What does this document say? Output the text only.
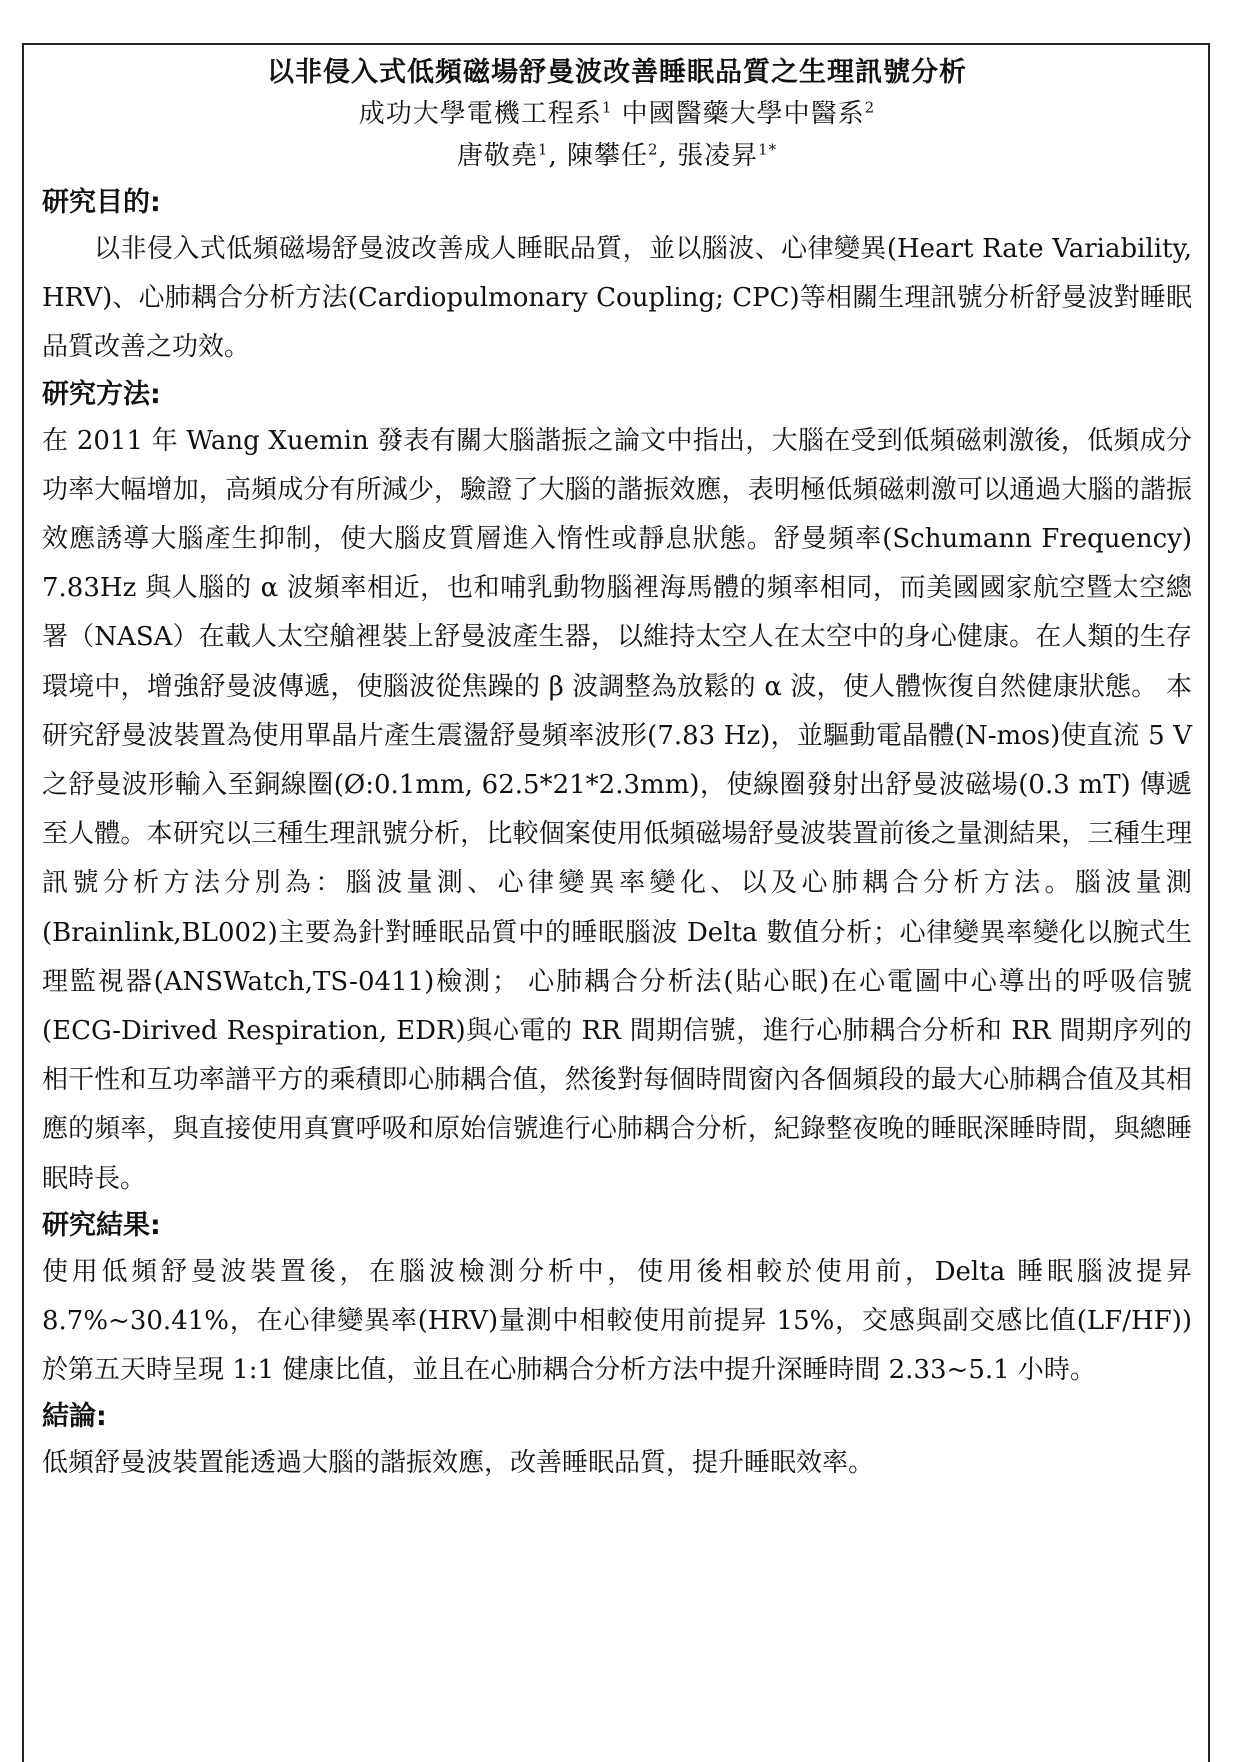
以非侵入式低頻磁場舒曼波改善睡眠品質之生理訊號分析

成功大學電機工程系$^1$ 中國醫藥大學中醫系$^2$

唐敬堯$^1$, 陳攀任$^2$, 張凌昇$^{1*}$

研究目的:

以非侵入式低頻磁場舒曼波改善成人睡眠品質，並以腦波、心律變異(Heart Rate Variability, HRV)、心肺耦合分析方法(Cardiopulmonary Coupling; CPC)等相關生理訊號分析舒曼波對睡眠品質改善之功效。

研究方法:

在 2011 年 Wang Xuemin 發表有關大腦諧振之論文中指出，大腦在受到低頻磁刺激後，低頻成分功率大幅增加，高頻成分有所減少，驗證了大腦的諧振效應，表明極低頻磁刺激可以通過大腦的諧振效應誘導大腦產生抑制，使大腦皮質層進入惰性或靜息狀態。舒曼頻率(Schumann Frequency) 7.83Hz 與人腦的 α 波頻率相近，也和哺乳動物腦裡海馬體的頻率相同，而美國國家航空暨太空總署（NASA）在載人太空艙裡裝上舒曼波產生器，以維持太空人在太空中的身心健康。在人類的生存環境中，增強舒曼波傳遞，使腦波從焦躁的 β 波調整為放鬆的 α 波，使人體恢復自然健康狀態。 本研究舒曼波裝置為使用單晶片產生震盪舒曼頻率波形(7.83 Hz)，並驅動電晶體(N-mos)使直流 5 V 之舒曼波形輸入至銅線圈(Ø:0.1mm, 62.5*21*2.3mm)，使線圈發射出舒曼波磁場(0.3 mT) 傳遞至人體。本研究以三種生理訊號分析，比較個案使用低頻磁場舒曼波裝置前後之量測結果，三種生理訊號分析方法分別為：腦波量測、心律變異率變化、以及心肺耦合分析方法。腦波量測 (Brainlink,BL002)主要為針對睡眠品質中的睡眠腦波 Delta 數值分析；心律變異率變化以腕式生理監視器(ANSWatch,TS-0411)檢測； 心肺耦合分析法(貼心眠)在心電圖中心導出的呼吸信號(ECG-Dirived Respiration, EDR)與心電的 RR 間期信號，進行心肺耦合分析和 RR 間期序列的相干性和互功率譜平方的乘積即心肺耦合值，然後對每個時間窗內各個頻段的最大心肺耦合值及其相應的頻率，與直接使用真實呼吸和原始信號進行心肺耦合分析，紀錄整夜晚的睡眠深睡時間，與總睡眠時長。

研究結果:

使用低頻舒曼波裝置後，在腦波檢測分析中，使用後相較於使用前，Delta 睡眠腦波提昇 8.7%~30.41%，在心律變異率(HRV)量測中相較使用前提昇 15%，交感與副交感比值(LF/HF))於第五天時呈現 1:1 健康比值，並且在心肺耦合分析方法中提升深睡時間 2.33~5.1 小時。

結論:

低頻舒曼波裝置能透過大腦的諧振效應，改善睡眠品質，提升睡眠效率。
